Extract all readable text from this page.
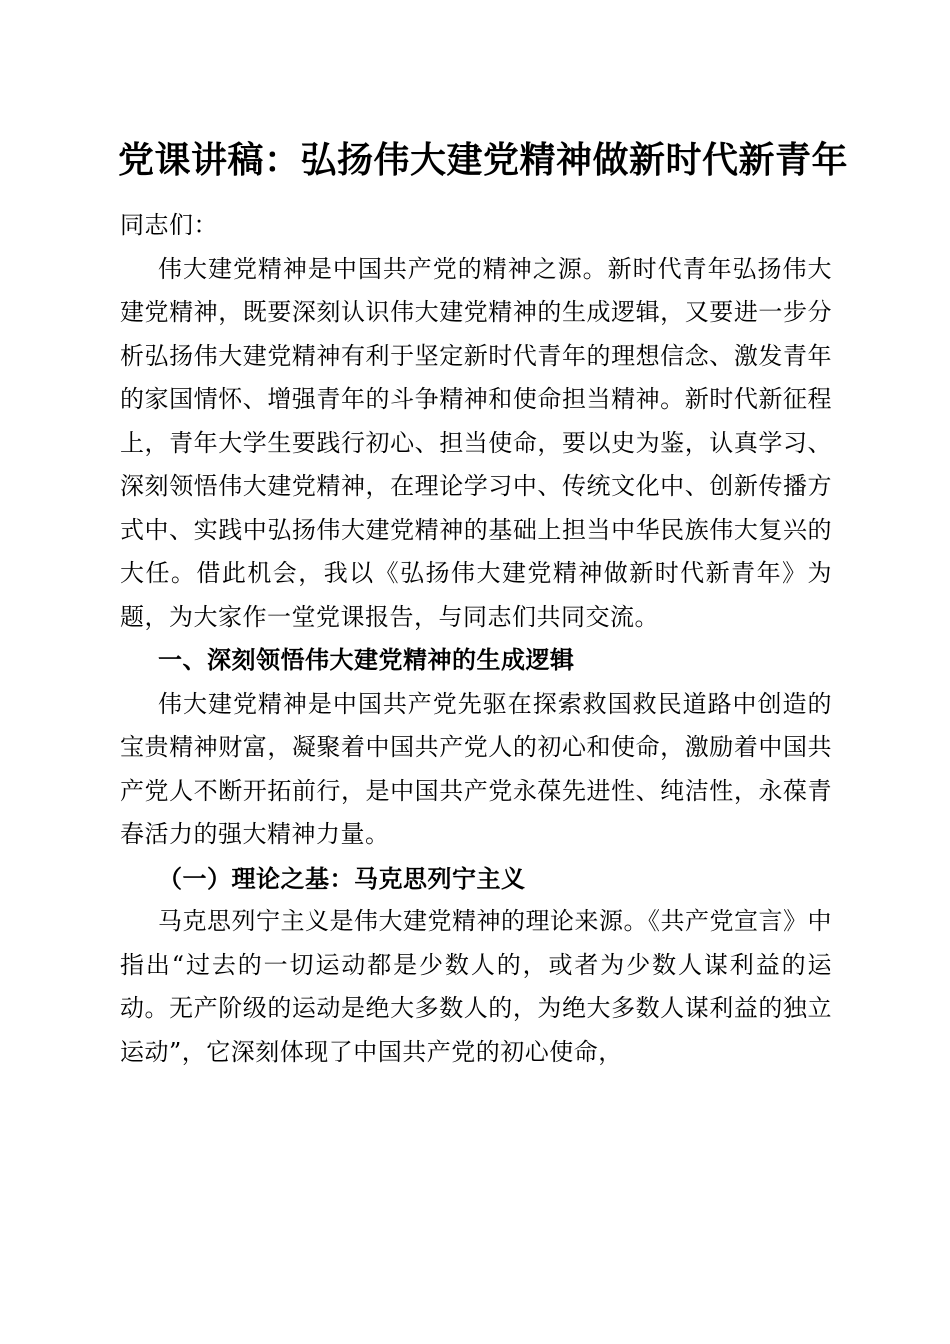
党课讲稿：弘扬伟大建党精神做新时代新青年

同志们：

伟大建党精神是中国共产党的精神之源。新时代青年弘扬伟大建党精神，既要深刻认识伟大建党精神的生成逻辑，又要进一步分析弘扬伟大建党精神有利于坚定新时代青年的理想信念、激发青年的家国情怀、增强青年的斗争精神和使命担当精神。新时代新征程上，青年大学生要践行初心、担当使命，要以史为鉴，认真学习、深刻领悟伟大建党精神，在理论学习中、传统文化中、创新传播方式中、实践中弘扬伟大建党精神的基础上担当中华民族伟大复兴的大任。借此机会，我以《弘扬伟大建党精神做新时代新青年》为题，为大家作一堂党课报告，与同志们共同交流。

一、深刻领悟伟大建党精神的生成逻辑

伟大建党精神是中国共产党先驱在探索救国救民道路中创造的宝贵精神财富，凝聚着中国共产党人的初心和使命，激励着中国共产党人不断开拓前行，是中国共产党永葆先进性、纯洁性，永葆青春活力的强大精神力量。

（一）理论之基：马克思列宁主义

马克思列宁主义是伟大建党精神的理论来源。《共产党宣言》中指出“过去的一切运动都是少数人的，或者为少数人谋利益的运动。无产阶级的运动是绝大多数人的，为绝大多数人谋利益的独立运动”，它深刻体现了中国共产党的初心使命，
